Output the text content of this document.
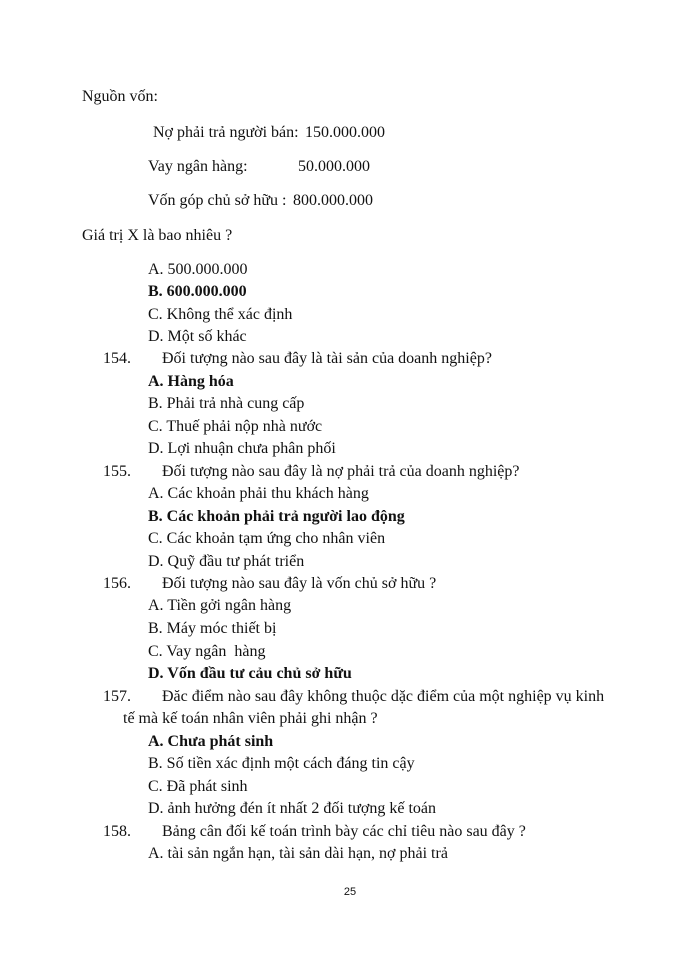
Nguồn vốn:
Nợ phải trả người bán: 150.000.000
Vay ngân hàng:	50.000.000
Vốn góp chủ sở hữu : 800.000.000
Giá trị X là bao nhiêu ?
A. 500.000.000
B. 600.000.000
C. Không thể xác định
D. Một số khác
154. Đối tượng nào sau đây là tài sản của doanh nghiệp?
A. Hàng hóa
B. Phải trả nhà cung cấp
C. Thuế phải nộp nhà nước
D. Lợi nhuận chưa phân phối
155. Đối tượng nào sau đây là nợ phải trả của doanh nghiệp?
A. Các khoản phải thu khách hàng
B. Các khoản phải trả người lao động
C. Các khoản tạm ứng cho nhân viên
D. Quỹ đầu tư phát triển
156. Đối tượng nào sau đây là vốn chủ sở hữu ?
A. Tiền gởi ngân hàng
B. Máy móc thiết bị
C. Vay ngân  hàng
D. Vốn đầu tư cảu chủ sở hữu
157. Đăc điểm nào sau đây không thuộc dặc điểm của một nghiệp vụ kinh
tế mà kế toán nhân viên phải ghi nhận ?
A. Chưa phát sinh
B. Số tiền xác định một cách đáng tin cậy
C. Đã phát sinh
D. ảnh hưởng đén ít nhất 2 đối tượng kế toán
158. Bảng cân đối kế toán trình bày các chỉ tiêu nào sau đây ?
A. tài sản ngắn hạn, tài sản dài hạn, nợ phải trả
25
